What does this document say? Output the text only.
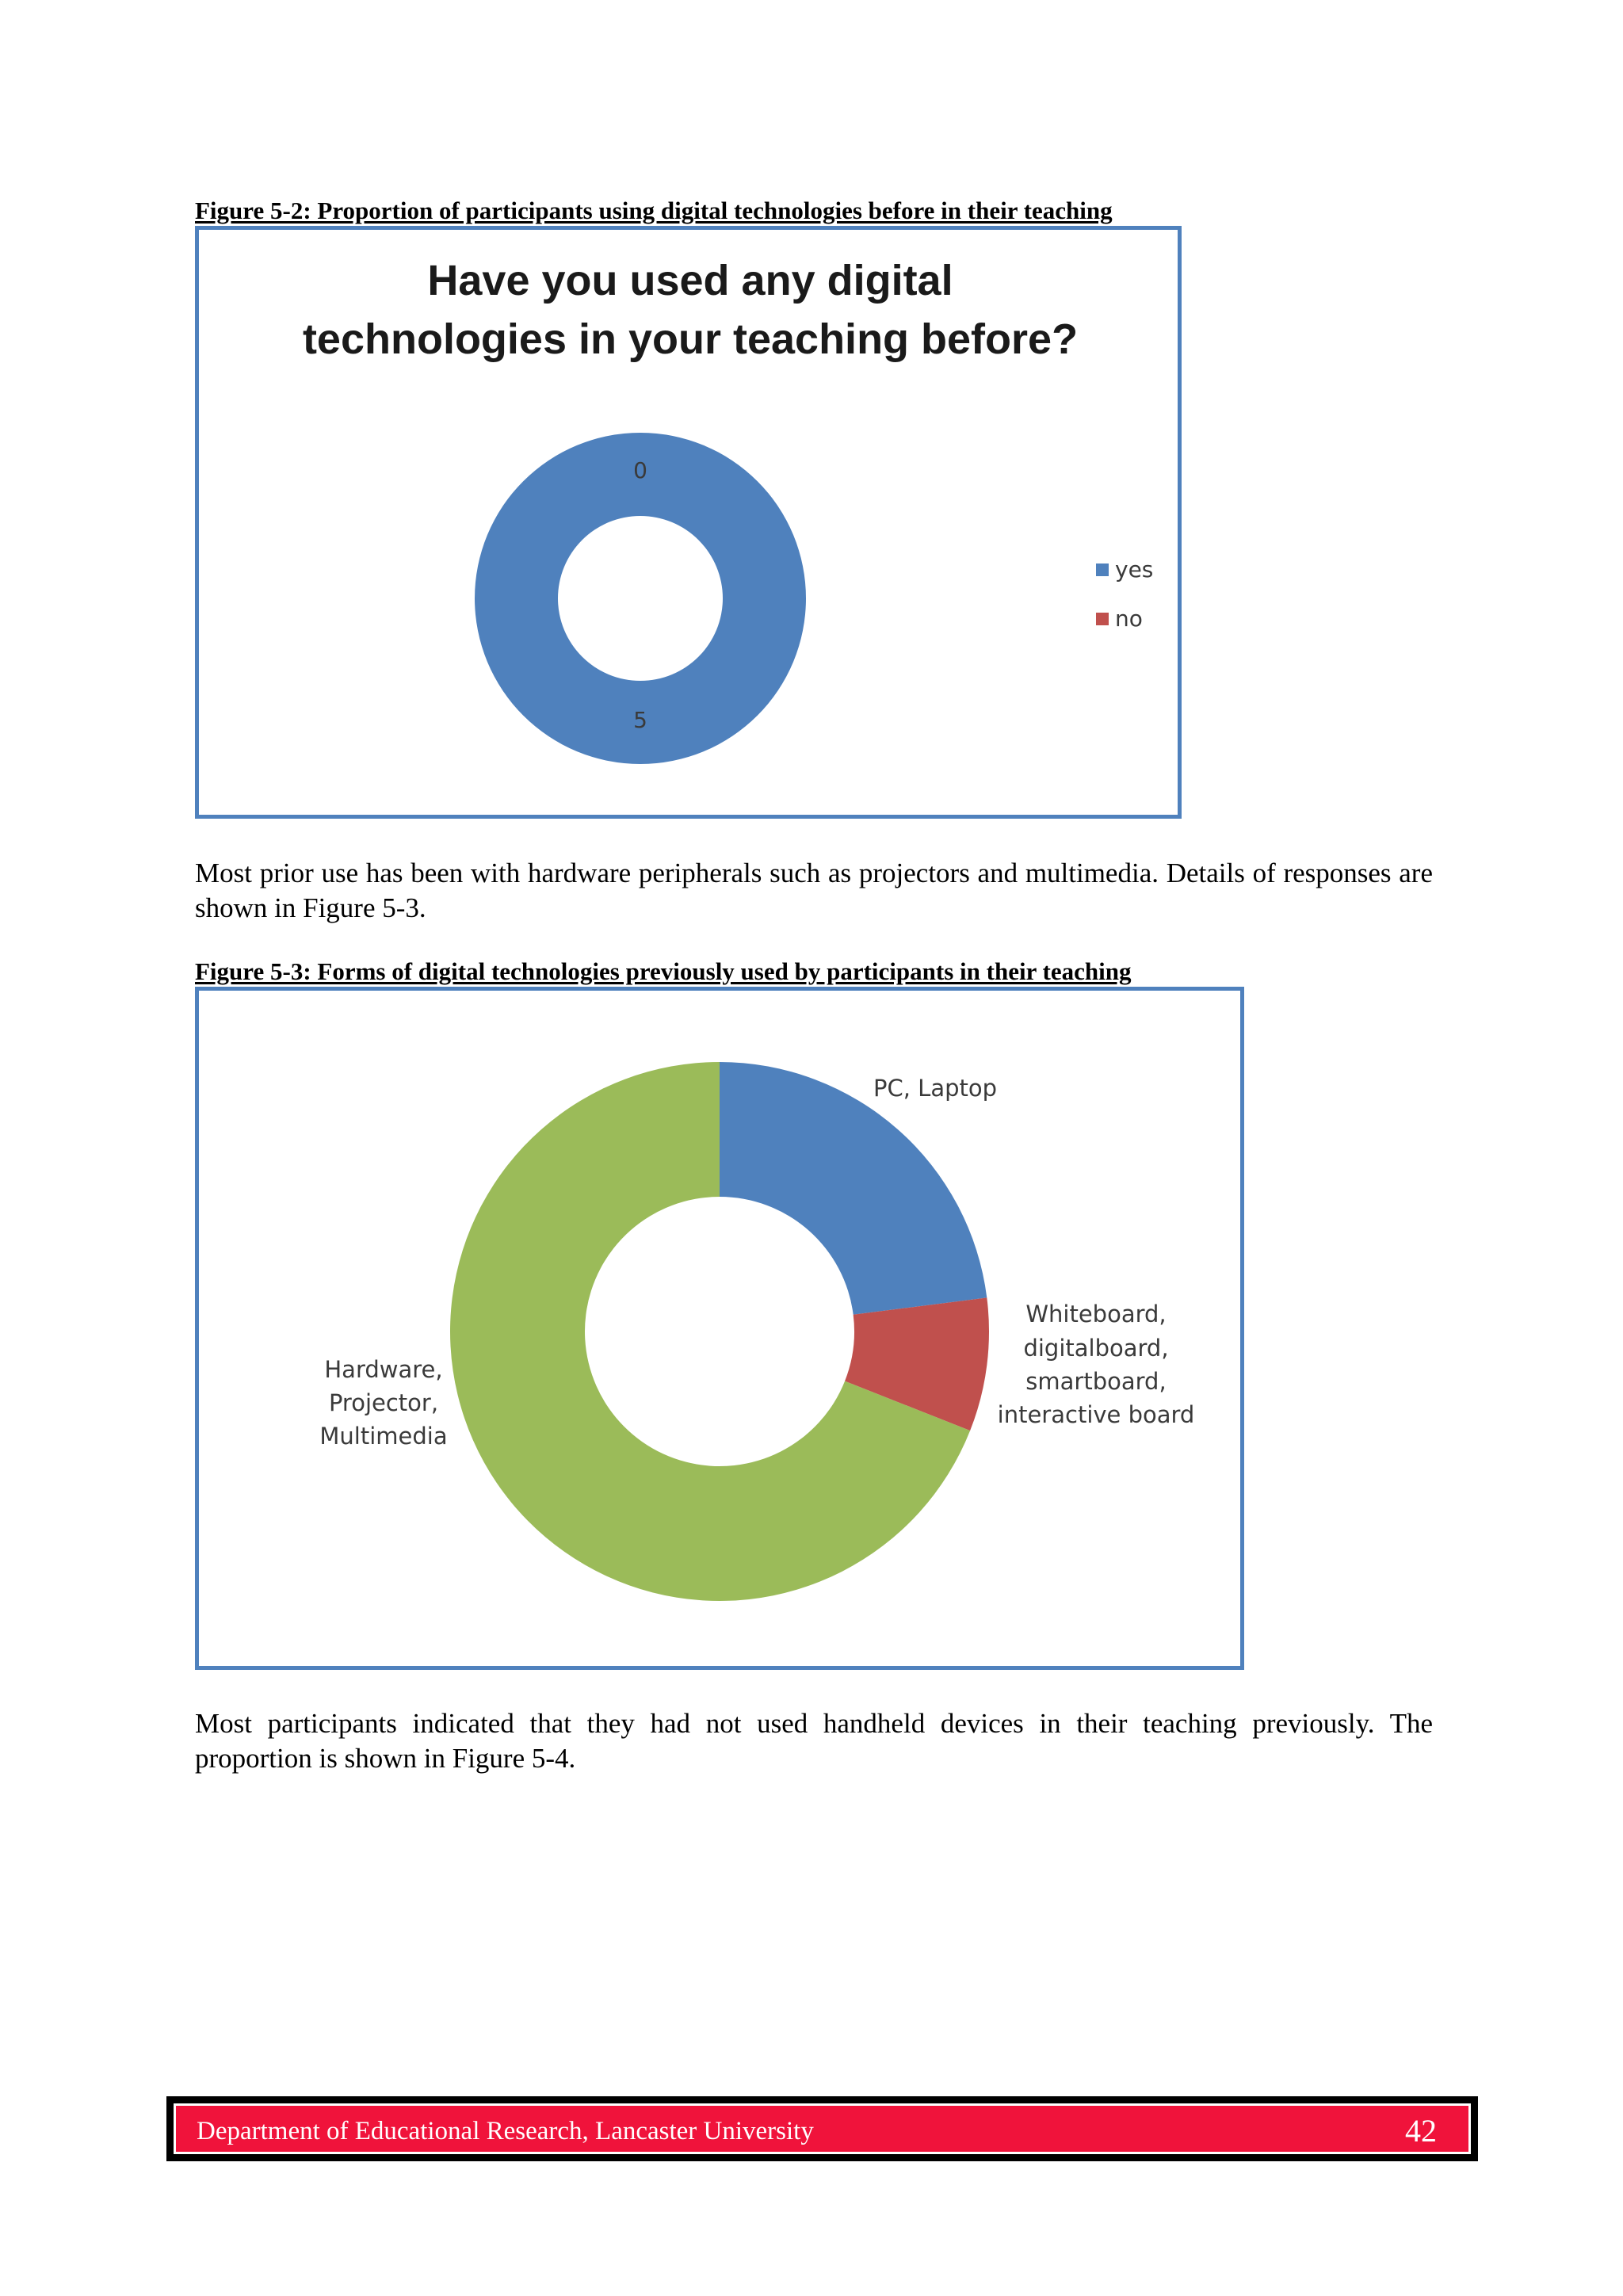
Figure 5-2: Proportion of participants using digital technologies before in their teaching
Have you used any digital
technologies in your teaching before?
0
5
yes
no

Most prior use has been with hardware peripherals such as projectors and multimedia. Details of responses are shown in Figure 5-3.

Figure 5-3: Forms of digital technologies previously used by participants in their teaching
PC, Laptop
Whiteboard,
digitalboard,
smartboard,
interactive board
Hardware,
Projector,
Multimedia

Most participants indicated that they had not used handheld devices in their teaching previously. The proportion is shown in Figure 5-4.

Department of Educational Research, Lancaster University	42
